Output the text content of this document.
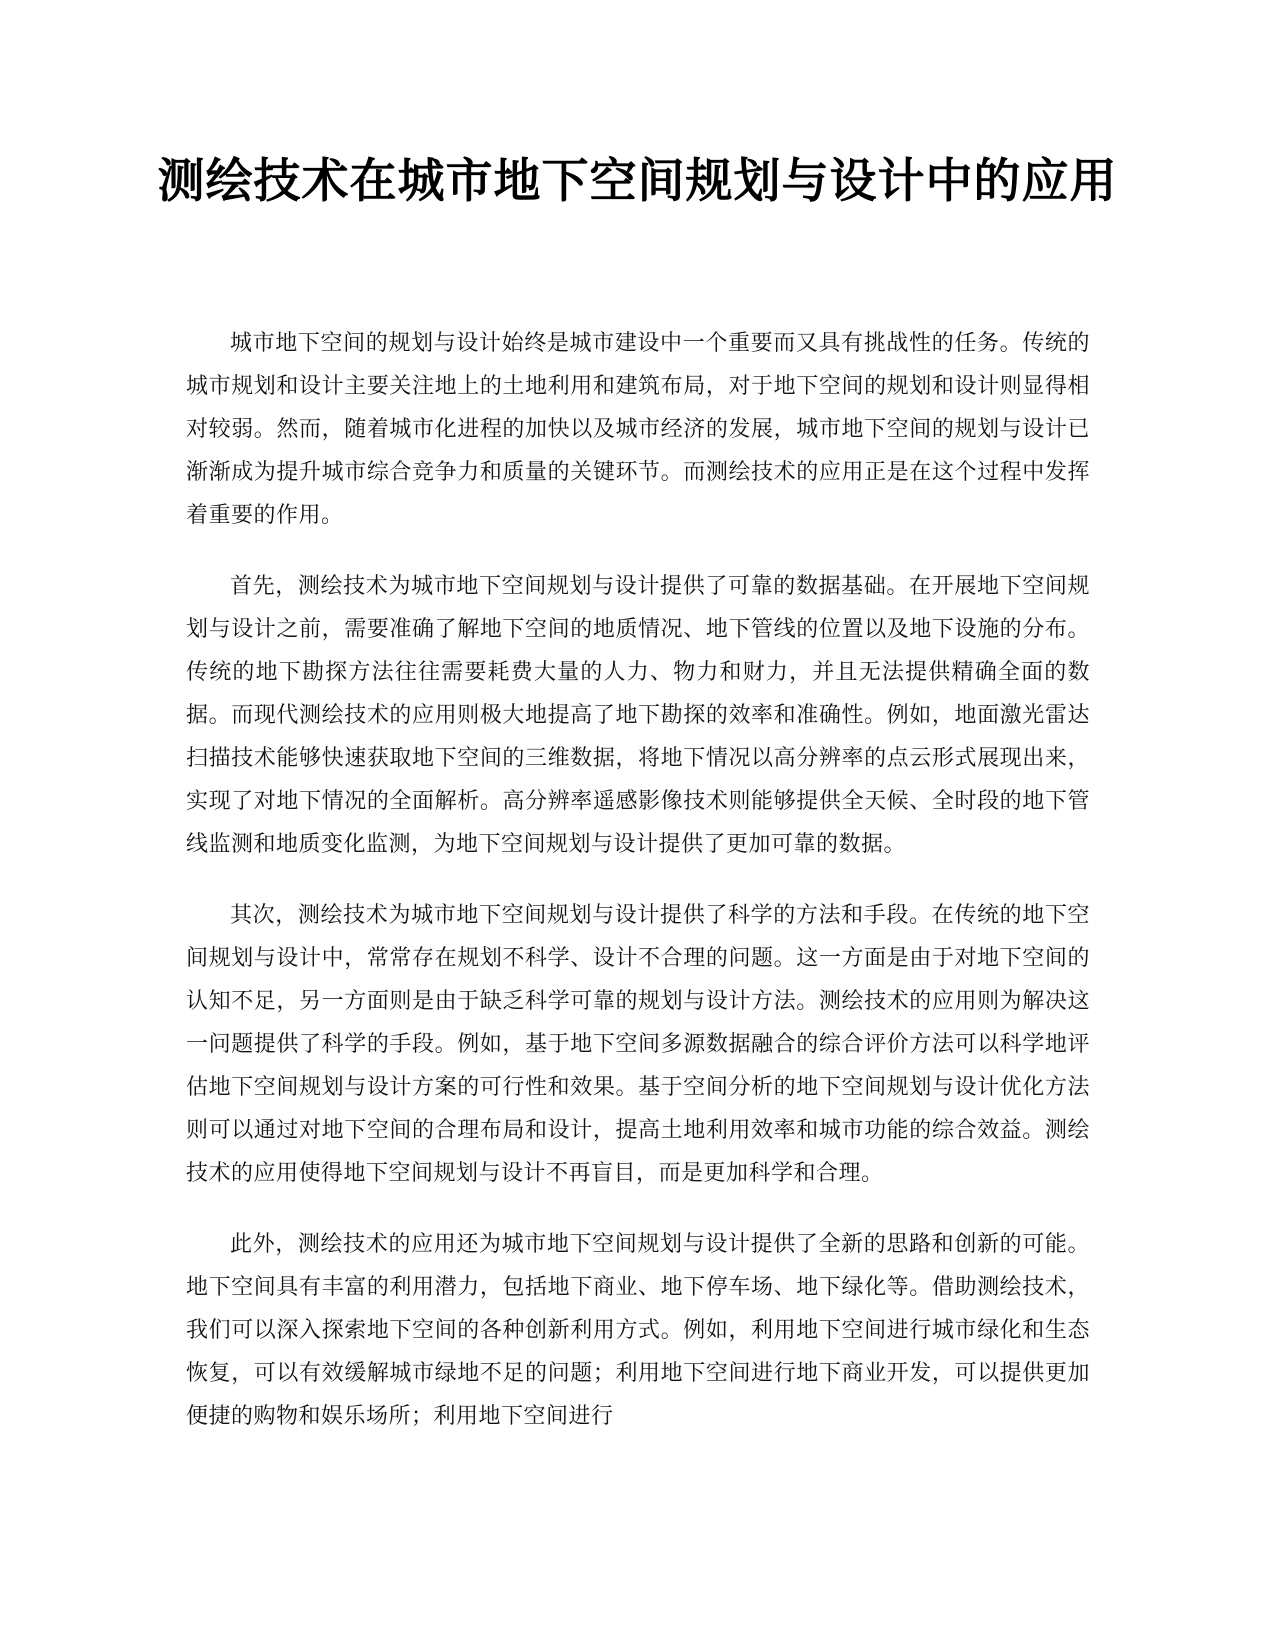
测绘技术在城市地下空间规划与设计中的应用

城市地下空间的规划与设计始终是城市建设中一个重要而又具有挑战性的任务。传统的城市规划和设计主要关注地上的土地利用和建筑布局，对于地下空间的规划和设计则显得相对较弱。然而，随着城市化进程的加快以及城市经济的发展，城市地下空间的规划与设计已渐渐成为提升城市综合竞争力和质量的关键环节。而测绘技术的应用正是在这个过程中发挥着重要的作用。

首先，测绘技术为城市地下空间规划与设计提供了可靠的数据基础。在开展地下空间规划与设计之前，需要准确了解地下空间的地质情况、地下管线的位置以及地下设施的分布。传统的地下勘探方法往往需要耗费大量的人力、物力和财力，并且无法提供精确全面的数据。而现代测绘技术的应用则极大地提高了地下勘探的效率和准确性。例如，地面激光雷达扫描技术能够快速获取地下空间的三维数据，将地下情况以高分辨率的点云形式展现出来，实现了对地下情况的全面解析。高分辨率遥感影像技术则能够提供全天候、全时段的地下管线监测和地质变化监测，为地下空间规划与设计提供了更加可靠的数据。

其次，测绘技术为城市地下空间规划与设计提供了科学的方法和手段。在传统的地下空间规划与设计中，常常存在规划不科学、设计不合理的问题。这一方面是由于对地下空间的认知不足，另一方面则是由于缺乏科学可靠的规划与设计方法。测绘技术的应用则为解决这一问题提供了科学的手段。例如，基于地下空间多源数据融合的综合评价方法可以科学地评估地下空间规划与设计方案的可行性和效果。基于空间分析的地下空间规划与设计优化方法则可以通过对地下空间的合理布局和设计，提高土地利用效率和城市功能的综合效益。测绘技术的应用使得地下空间规划与设计不再盲目，而是更加科学和合理。

此外，测绘技术的应用还为城市地下空间规划与设计提供了全新的思路和创新的可能。地下空间具有丰富的利用潜力，包括地下商业、地下停车场、地下绿化等。借助测绘技术，我们可以深入探索地下空间的各种创新利用方式。例如，利用地下空间进行城市绿化和生态恢复，可以有效缓解城市绿地不足的问题；利用地下空间进行地下商业开发，可以提供更加便捷的购物和娱乐场所；利用地下空间进行
